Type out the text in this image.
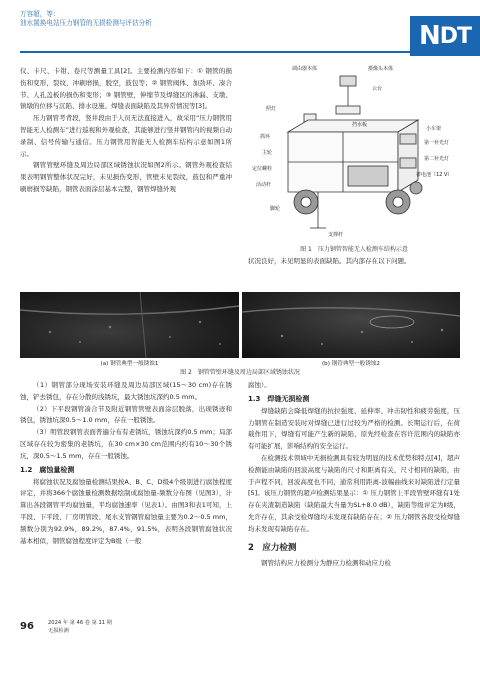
万容超，等：
油水置换电站压力钢管的无损检测与评估分析	N DT

仪、卡尺、卡钳、卷尺等测量工具[2]。主要检测内容如下：① 钢管的损伤和变形，裂纹，冲刷磨损，脱空，鼓包等；② 钢管阀体、加劲环、凑合节、人孔盖板的损伤和变形；③ 钢管壁，伸缩节及焊缝区的渗漏、支墩、镇墩的位移与沉陷、排水设施、焊缝表面缺陷及其异常情况等[3]。

压力钢管考背段，竖井段由于人员无法直接进入，故采用“压力钢管用智能无人检测车”进行巡视和外观检查，其能够进行竖井钢管内的视频自动录制、信号传输与通信。压力钢管用智能无人检测车结构示意如图1所示。

钢管管壁环缝及周边局部区域锈蚀状况如图2所示。钢管外观检查结果表明钢管整体状况完好，未见损伤变形，管壁未见裂纹，鼓包和严重冲刷磨损等缺陷，钢管表面涂层基本完整，钢管焊缝外观

调由器本体	摄像头本体
云台
照灯
挡水板
小车架
抓环
第一补光灯
主轮
第二补光灯
定位螺栓
活动杆
蓄电池（12 V）
脚轮
支撑杆
图 1　压力钢管智能无人检测车结构示意

状况良好，未见明显的表面缺陷。其内部存在以下问题。

(a) 钢管典型一般锈蚀1	(b) 钢管典型一般锈蚀2
图 2　钢管管壁环缝及周边局部区域锈蚀状况

（1）钢管部分现场安装环缝及周边局部区域(15～30 cm)存在锈蚀，铲去锈包，存在分散的浅锈坑，最大锈蚀坑深约0.5 mm。

（2）下平段钢管凑合节及附近钢管管壁表面涂层脱落，出现锈迹和锈包，锈蚀坑深0.5～1.0 mm，存在一般锈蚀。

（3）明管段钢管表面普遍分布有老锈坑，锈蚀坑深约0.5 mm；局部区域存在较为密集的老锈坑，在30 cm×30 cm范围内约有10～30个锈坑，深0.5～1.5 mm，存在一般锈蚀。

1.2　腐蚀量检测

将腐蚀状况及腐蚀量检测结果按A、B、C、D级4个级别进行腐蚀程度评定，并将366个腐蚀量检测数据绘制成腐蚀量-频数分布图（见图3），计算出各段钢管平均腐蚀量，平均腐蚀速率（见表1）。由图3和表1可知，上平段、下平段、厂房明管段、尾水支管钢管腐蚀量主要为0.2～0.5 mm，频数分别为92.9%，89.2%，87.4%，91.5%，表明各段钢管腐蚀状况基本相似，钢管腐蚀程度评定为B级（一般

腐蚀）。

1.3　焊缝无损检测

焊缝缺陷会降低焊缝的抗拉强度、延伸率、冲击韧性和疲劳强度，压力钢管在制造安装时对焊缝已进行过较为严格的检测。长期运行后，在荷载作用下，焊缝有可能产生新的缺陷，原先经检查在容许范围内的缺陷亦有可能扩展，影响结构的安全运行。

在检测技术领域中无损检测具有较为明显的技术优势和特点[4]，超声检测能由缺陷的回波高度与缺陷的尺寸和距离有关，尺寸相同的缺陷，由于声程不同，回波高度也不同，通常利用距离-波幅曲线来对缺陷进行定量[5]。该压力钢管的超声检测结果显示：① 压力钢管上平段管壁环缝有1处存在夹渣制造缺陷（缺陷最大当量为SL+8.0 dB），缺陷等级评定为Ⅱ级，允许存在，其余受检焊缝均未发现有缺陷存在；② 压力钢管各段受检焊缝均未发现有缺陷存在。

2　应力检测

钢管结构应力检测分为静应力检测和动应力检

96	2024 年 第 46 卷 第 11 期
无损检测
